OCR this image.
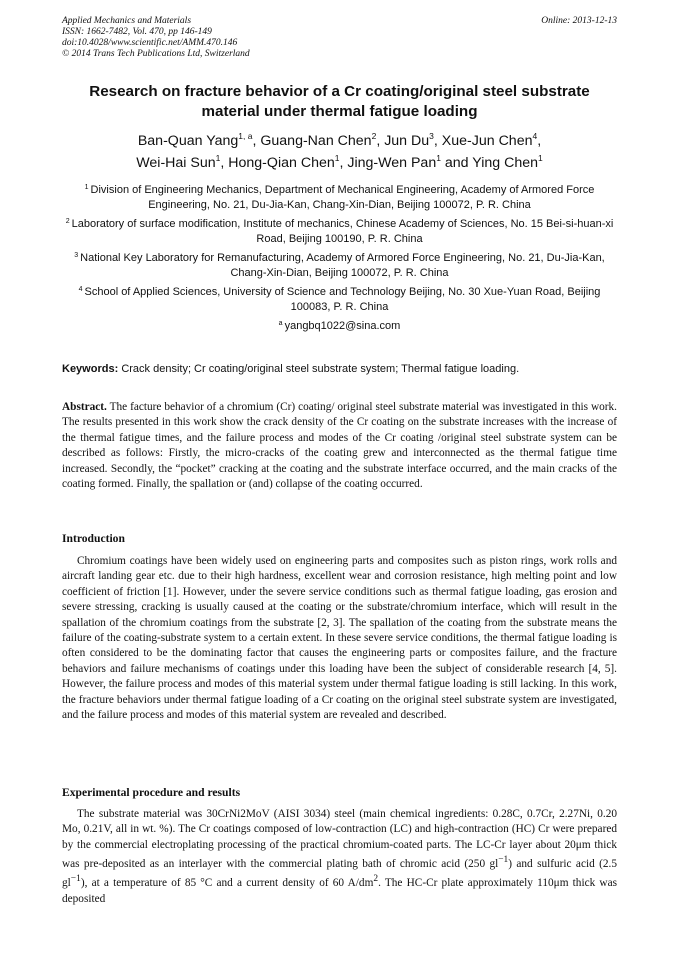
Applied Mechanics and Materials
ISSN: 1662-7482, Vol. 470, pp 146-149
doi:10.4028/www.scientific.net/AMM.470.146
© 2014 Trans Tech Publications Ltd, Switzerland
Online: 2013-12-13
Research on fracture behavior of a Cr coating/original steel substrate material under thermal fatigue loading
Ban-Quan Yang$^{1, a}$, Guang-Nan Chen$^2$, Jun Du$^3$, Xue-Jun Chen$^4$,
Wei-Hai Sun$^1$, Hong-Qian Chen$^1$, Jing-Wen Pan$^1$ and Ying Chen$^1$
$^1$ Division of Engineering Mechanics, Department of Mechanical Engineering, Academy of Armored Force Engineering, No. 21, Du-Jia-Kan, Chang-Xin-Dian, Beijing 100072, P. R. China
$^2$ Laboratory of surface modification, Institute of mechanics, Chinese Academy of Sciences, No. 15 Bei-si-huan-xi Road, Beijing 100190, P. R. China
$^3$ National Key Laboratory for Remanufacturing, Academy of Armored Force Engineering, No. 21, Du-Jia-Kan, Chang-Xin-Dian, Beijing 100072, P. R. China
$^4$ School of Applied Sciences, University of Science and Technology Beijing, No. 30 Xue-Yuan Road, Beijing 100083, P. R. China
$^a$ yangbq1022@sina.com
Keywords: Crack density; Cr coating/original steel substrate system; Thermal fatigue loading.
Abstract. The facture behavior of a chromium (Cr) coating/ original steel substrate material was investigated in this work. The results presented in this work show the crack density of the Cr coating on the substrate increases with the increase of the thermal fatigue times, and the failure process and modes of the Cr coating /original steel substrate system can be described as follows: Firstly, the micro-cracks of the coating grew and interconnected as the thermal fatigue time increased. Secondly, the “pocket” cracking at the coating and the substrate interface occurred, and the main cracks of the coating formed. Finally, the spallation or (and) collapse of the coating occurred.
Introduction
Chromium coatings have been widely used on engineering parts and composites such as piston rings, work rolls and aircraft landing gear etc. due to their high hardness, excellent wear and corrosion resistance, high melting point and low coefficient of friction [1]. However, under the severe service conditions such as thermal fatigue loading, gas erosion and severe stressing, cracking is usually caused at the coating or the substrate/chromium interface, which will result in the spallation of the chromium coatings from the substrate [2, 3]. The spallation of the coating from the substrate means the failure of the coating-substrate system to a certain extent. In these severe service conditions, the thermal fatigue loading is often considered to be the dominating factor that causes the engineering parts or composites failure, and the fracture behaviors and failure mechanisms of coatings under this loading have been the subject of considerable research [4, 5]. However, the failure process and modes of this material system under thermal fatigue loading is still lacking. In this work, the fracture behaviors under thermal fatigue loading of a Cr coating on the original steel substrate system are investigated, and the failure process and modes of this material system are revealed and described.
Experimental procedure and results
The substrate material was 30CrNi2MoV (AISI 3034) steel (main chemical ingredients: 0.28C, 0.7Cr, 2.27Ni, 0.20 Mo, 0.21V, all in wt. %). The Cr coatings composed of low-contraction (LC) and high-contraction (HC) Cr were prepared by the commercial electroplating processing of the practical chromium-coated parts. The LC-Cr layer about 20μm thick was pre-deposited as an interlayer with the commercial plating bath of chromic acid (250 $gl^{-1}$) and sulfuric acid (2.5 $gl^{-1}$), at a temperature of 85 °C and a current density of 60 $A/dm^2$. The HC-Cr plate approximately 110μm thick was deposited
